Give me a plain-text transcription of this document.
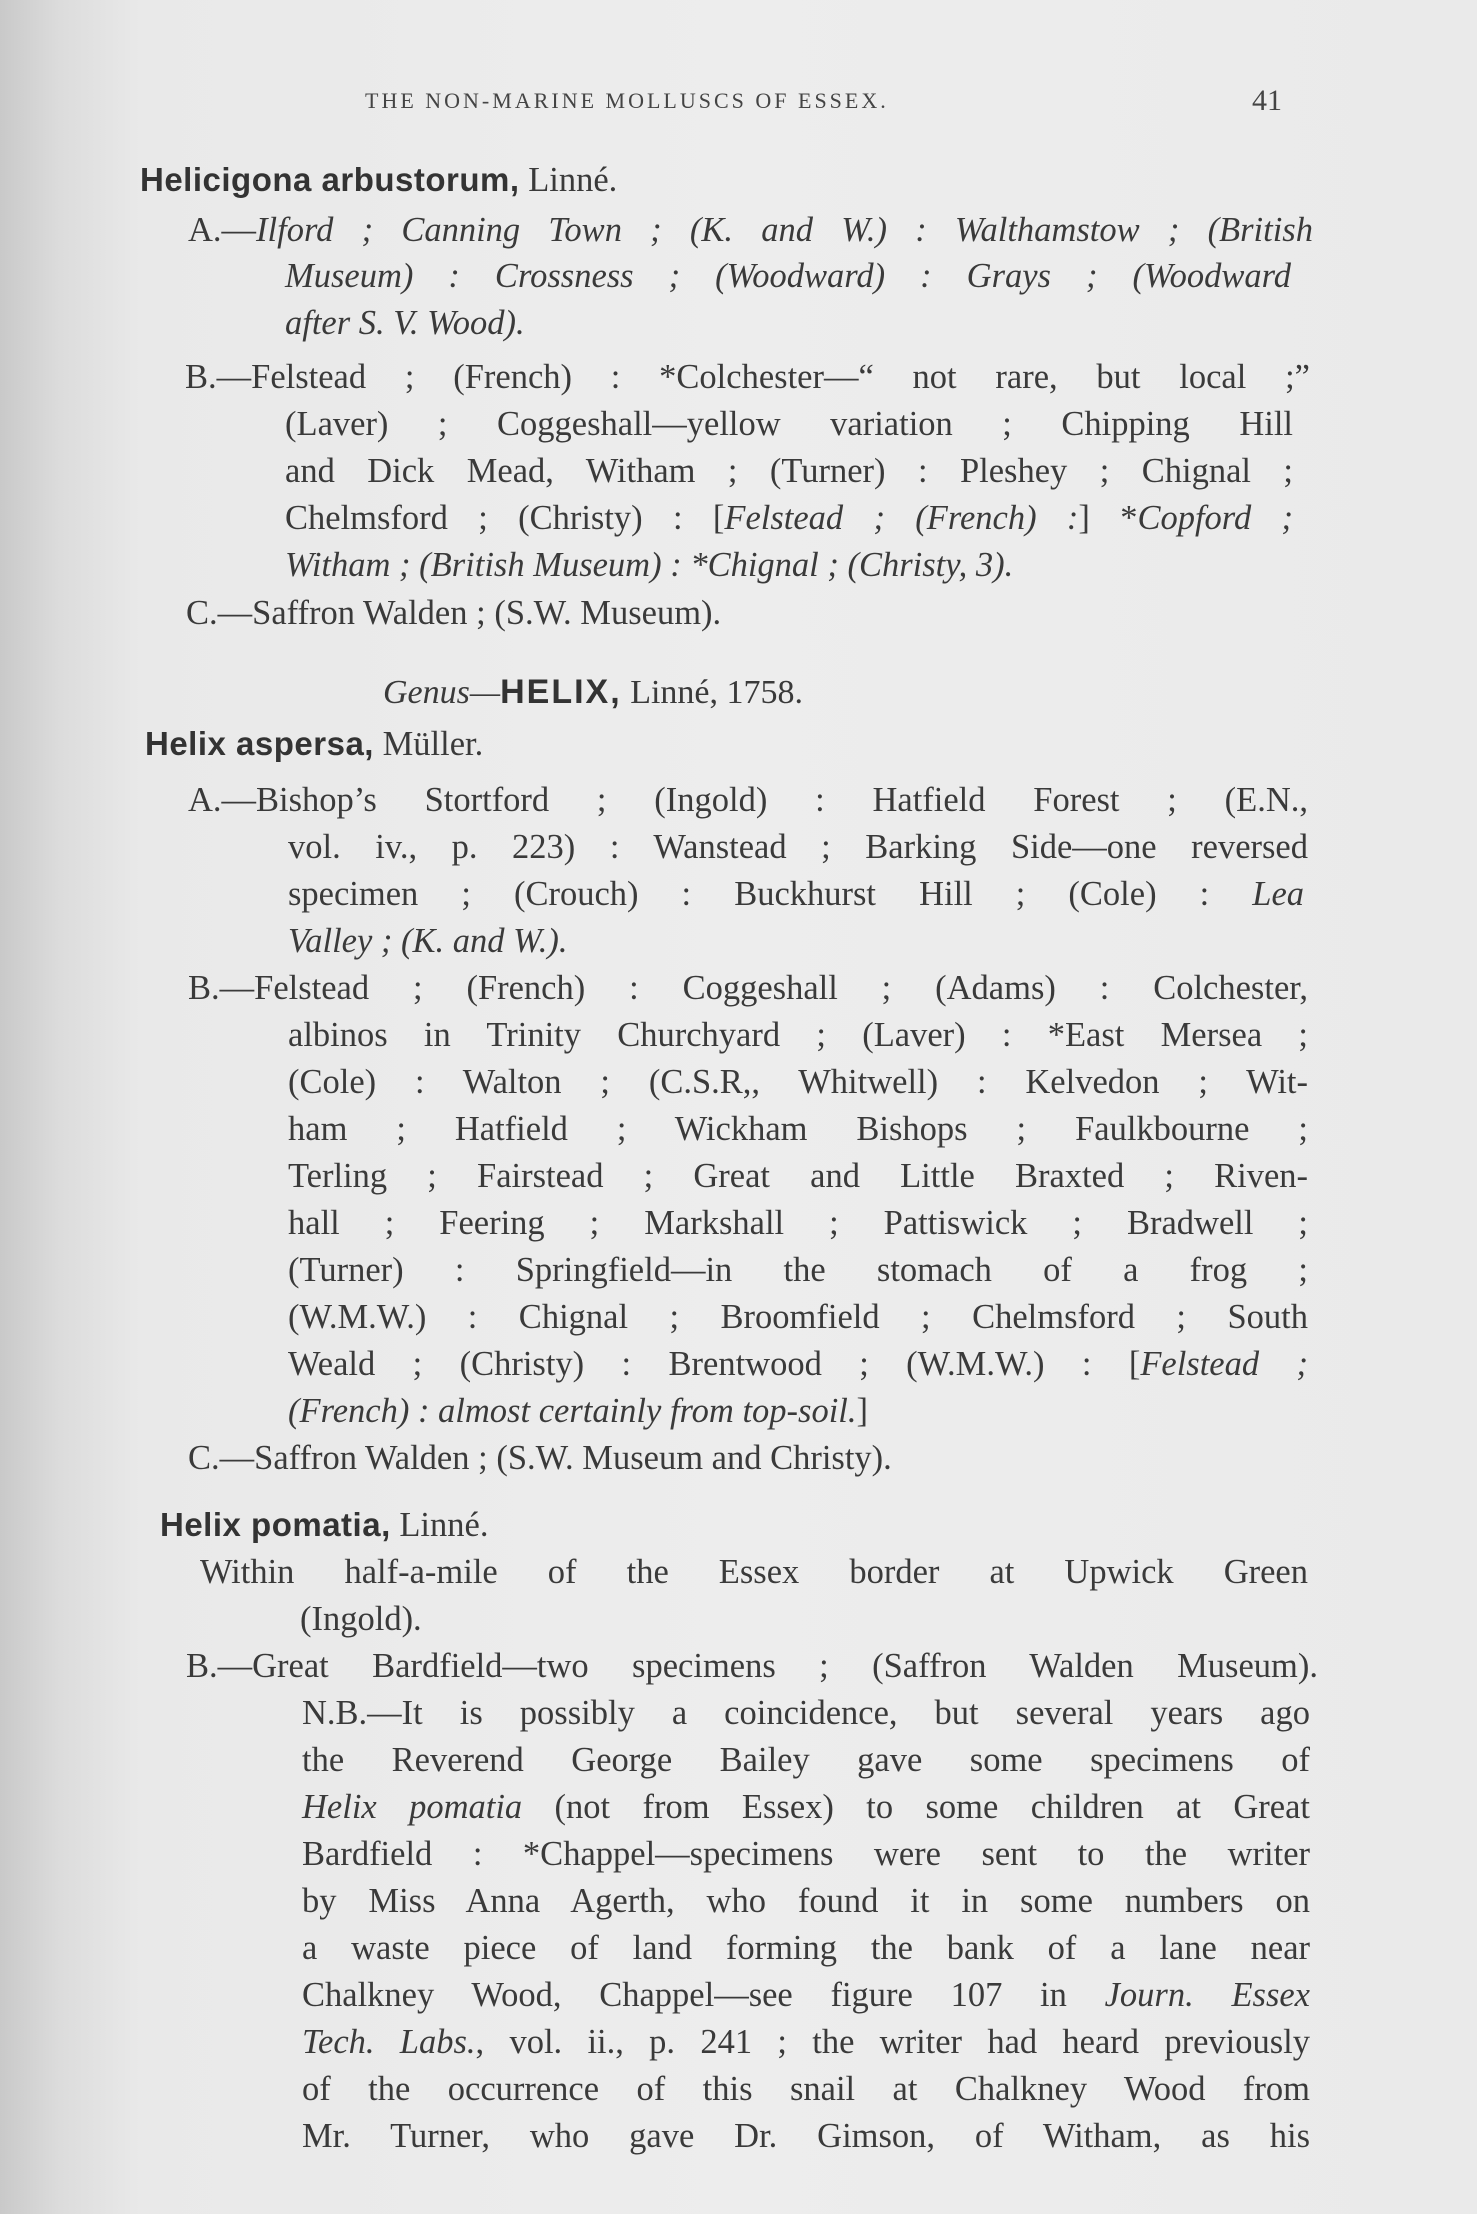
THE NON-MARINE MOLLUSCS OF ESSEX.	41
Helicigona arbustorum, Linné.
A.—Ilford ; Canning Town ; (K. and W.) : Walthamstow ; (British
Museum) : Crossness ; (Woodward) : Grays ; (Woodward
after S. V. Wood).
B.—Felstead ; (French) : *Colchester—“ not rare, but local ;”
(Laver) ; Coggeshall—yellow variation ; Chipping Hill
and Dick Mead, Witham ; (Turner) : Pleshey ; Chignal ;
Chelmsford ; (Christy) : [Felstead ; (French) :] *Copford ;
Witham ; (British Museum) : *Chignal ; (Christy, 3).
C.—Saffron Walden ; (S.W. Museum).
Genus—HELIX, Linné, 1758.
Helix aspersa, Müller.
A.—Bishop’s Stortford ; (Ingold) : Hatfield Forest ; (E.N.,
vol. iv., p. 223) : Wanstead ; Barking Side—one reversed
specimen ; (Crouch) : Buckhurst Hill ; (Cole) : Lea
Valley ; (K. and W.).
B.—Felstead ; (French) : Coggeshall ; (Adams) : Colchester,
albinos in Trinity Churchyard ; (Laver) : *East Mersea ;
(Cole) : Walton ; (C.S.R,, Whitwell) : Kelvedon ; Wit-
ham ; Hatfield ; Wickham Bishops ; Faulkbourne ;
Terling ; Fairstead ; Great and Little Braxted ; Riven-
hall ; Feering ; Markshall ; Pattiswick ; Bradwell ;
(Turner) : Springfield—in the stomach of a frog ;
(W.M.W.) : Chignal ; Broomfield ; Chelmsford ; South
Weald ; (Christy) : Brentwood ; (W.M.W.) : [Felstead ;
(French) : almost certainly from top-soil.]
C.—Saffron Walden ; (S.W. Museum and Christy).
Helix pomatia, Linné.
Within half-a-mile of the Essex border at Upwick Green
(Ingold).
B.—Great Bardfield—two specimens ; (Saffron Walden Museum).
N.B.—It is possibly a coincidence, but several years ago
the Reverend George Bailey gave some specimens of
Helix pomatia (not from Essex) to some children at Great
Bardfield : *Chappel—specimens were sent to the writer
by Miss Anna Agerth, who found it in some numbers on
a waste piece of land forming the bank of a lane near
Chalkney Wood, Chappel—see figure 107 in Journ. Essex
Tech. Labs., vol. ii., p. 241 ; the writer had heard previously
of the occurrence of this snail at Chalkney Wood from
Mr. Turner, who gave Dr. Gimson, of Witham, as his
